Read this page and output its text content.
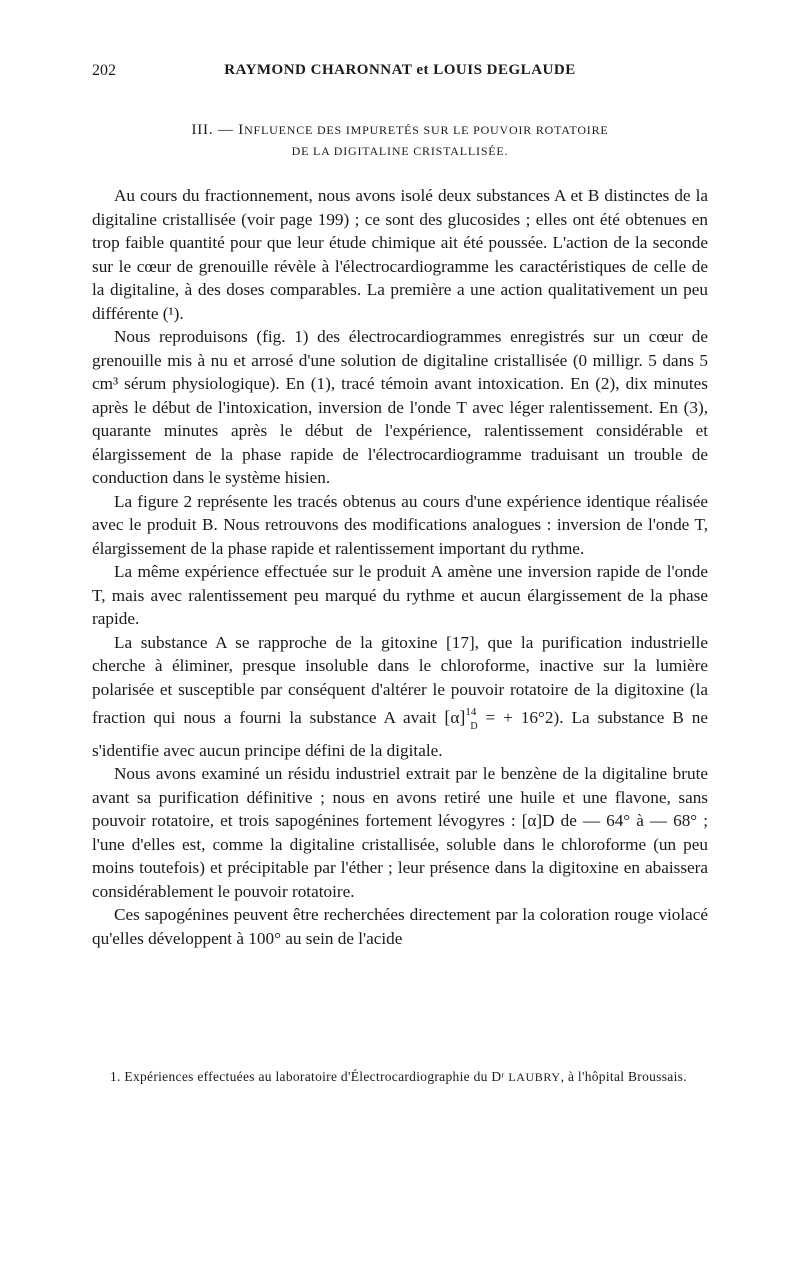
202	RAYMOND CHARONNAT et LOUIS DEGLAUDE
III. — INFLUENCE DES IMPURETÉS SUR LE POUVOIR ROTATOIRE
DE LA DIGITALINE CRISTALLISÉE.

Au cours du fractionnement, nous avons isolé deux substances A et B distinctes de la digitaline cristallisée (voir page 199) ; ce sont des glucosides ; elles ont été obtenues en trop faible quantité pour que leur étude chimique ait été poussée. L'action de la seconde sur le cœur de grenouille révèle à l'électrocardiogramme les caractéristiques de celle de la digitaline, à des doses comparables. La première a une action qualitativement un peu différente (¹).

Nous reproduisons (fig. 1) des électrocardiogrammes enregistrés sur un cœur de grenouille mis à nu et arrosé d'une solution de digitaline cristallisée (0 milligr. 5 dans 5 cm³ sérum physiologique). En (1), tracé témoin avant intoxication. En (2), dix minutes après le début de l'intoxication, inversion de l'onde T avec léger ralentissement. En (3), quarante minutes après le début de l'expérience, ralentissement considérable et élargissement de la phase rapide de l'électrocardiogramme traduisant un trouble de conduction dans le système hisien.

La figure 2 représente les tracés obtenus au cours d'une expérience identique réalisée avec le produit B. Nous retrouvons des modifications analogues : inversion de l'onde T, élargissement de la phase rapide et ralentissement important du rythme.

La même expérience effectuée sur le produit A amène une inversion rapide de l'onde T, mais avec ralentissement peu marqué du rythme et aucun élargissement de la phase rapide.

La substance A se rapproche de la gitoxine [17], que la purification industrielle cherche à éliminer, presque insoluble dans le chloroforme, inactive sur la lumière polarisée et susceptible par conséquent d'altérer le pouvoir rotatoire de la digitoxine (la fraction qui nous a fourni la substance A avait $[\alpha]^{14}_D$ = + 16°2). La substance B ne s'identifie avec aucun principe défini de la digitale.

Nous avons examiné un résidu industriel extrait par le benzène de la digitaline brute avant sa purification définitive ; nous en avons retiré une huile et une flavone, sans pouvoir rotatoire, et trois sapogénines fortement lévogyres : [α]D de — 64° à — 68° ; l'une d'elles est, comme la digitaline cristallisée, soluble dans le chloroforme (un peu moins toutefois) et précipitable par l'éther ; leur présence dans la digitoxine en abaissera considérablement le pouvoir rotatoire.

Ces sapogénines peuvent être recherchées directement par la coloration rouge violacé qu'elles développent à 100° au sein de l'acide

1. Expériences effectuées au laboratoire d'Électrocardiographie du Dʳ LAUBRY, à l'hôpital Broussais.
